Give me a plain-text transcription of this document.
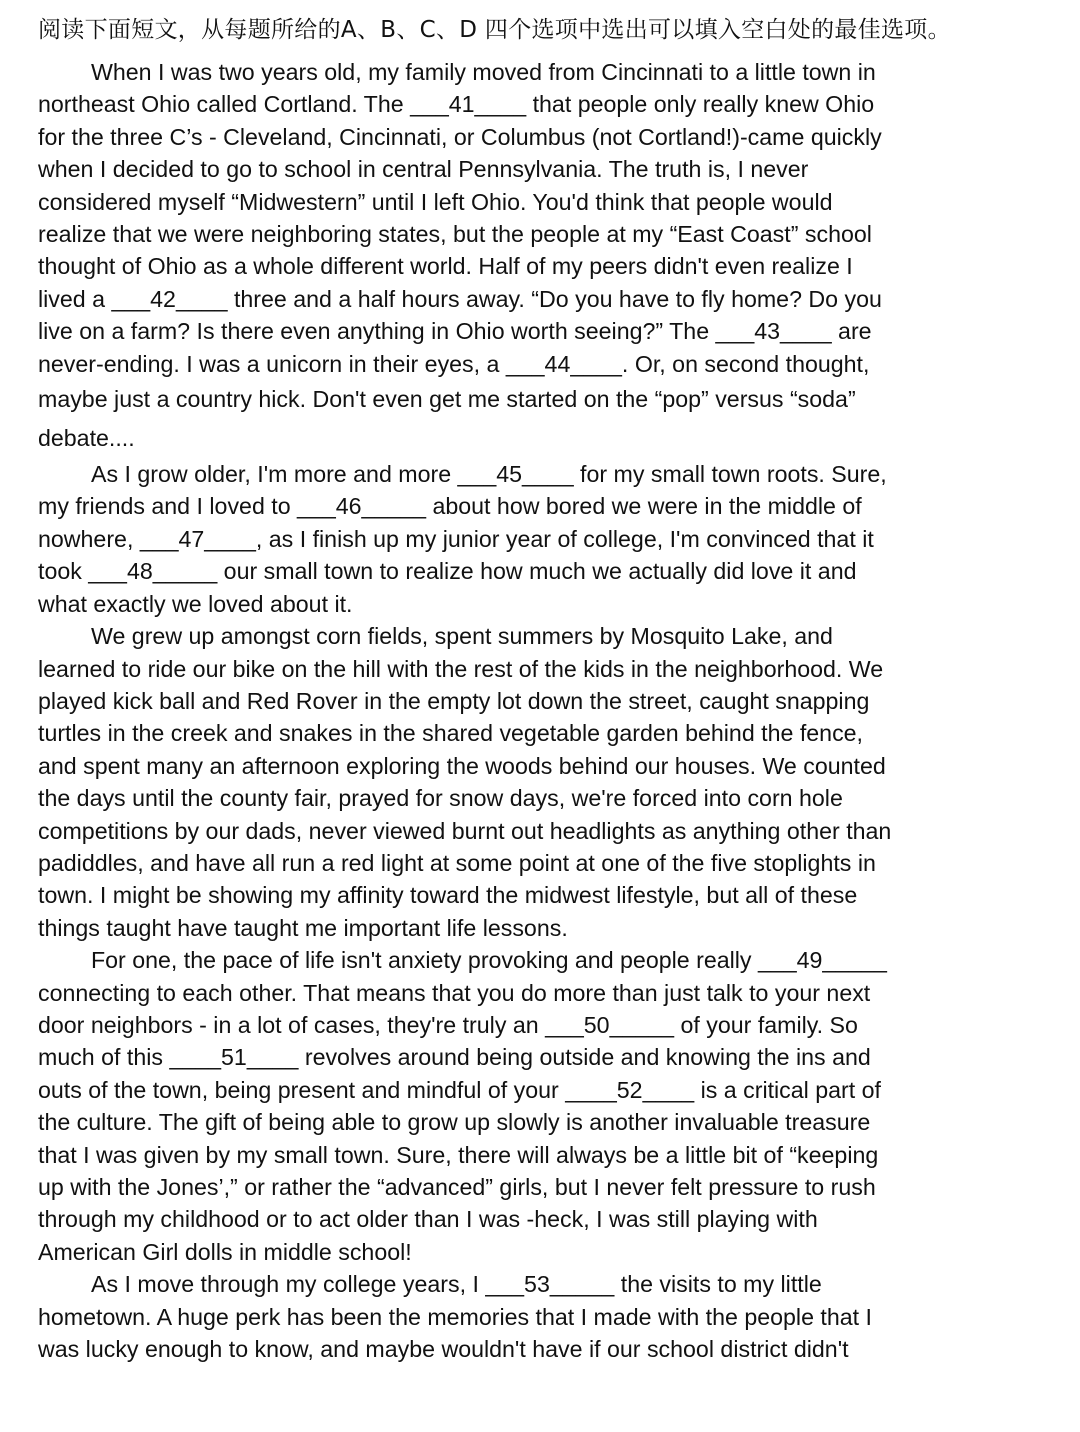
阅读下面短文，从每题所给的A、B、C、D 四个选项中选出可以填入空白处的最佳选项。
When I was two years old, my family moved from Cincinnati to a little town in
northeast Ohio called Cortland. The ___41____ that people only really knew Ohio
for the three C’s - Cleveland, Cincinnati, or Columbus (not Cortland!)-came quickly
when I decided to go to school in central Pennsylvania. The truth is, I never
considered myself “Midwestern” until I left Ohio. You'd think that people would
realize that we were neighboring states, but the people at my “East Coast” school
thought of Ohio as a whole different world. Half of my peers didn't even realize I
lived a ___42____ three and a half hours away. “Do you have to fly home? Do you
live on a farm? Is there even anything in Ohio worth seeing?” The ___43____ are
never-ending. I was a unicorn in their eyes, a ___44____. Or, on second thought,
maybe just a country hick. Don't even get me started on the “pop” versus “soda”
debate....
As I grow older, I'm more and more ___45____ for my small town roots. Sure,
my friends and I loved to ___46_____ about how bored we were in the middle of
nowhere, ___47____, as I finish up my junior year of college, I'm convinced that it
took ___48_____ our small town to realize how much we actually did love it and
what exactly we loved about it.
We grew up amongst corn fields, spent summers by Mosquito Lake, and
learned to ride our bike on the hill with the rest of the kids in the neighborhood. We
played kick ball and Red Rover in the empty lot down the street, caught snapping
turtles in the creek and snakes in the shared vegetable garden behind the fence,
and spent many an afternoon exploring the woods behind our houses. We counted
the days until the county fair, prayed for snow days, we're forced into corn hole
competitions by our dads, never viewed burnt out headlights as anything other than
padiddles, and have all run a red light at some point at one of the five stoplights in
town. I might be showing my affinity toward the midwest lifestyle, but all of these
things taught have taught me important life lessons.
For one, the pace of life isn't anxiety provoking and people really ___49_____
connecting to each other. That means that you do more than just talk to your next
door neighbors - in a lot of cases, they're truly an ___50_____ of your family. So
much of this ____51____ revolves around being outside and knowing the ins and
outs of the town, being present and mindful of your ____52____ is a critical part of
the culture. The gift of being able to grow up slowly is another invaluable treasure
that I was given by my small town. Sure, there will always be a little bit of “keeping
up with the Jones’,” or rather the “advanced” girls, but I never felt pressure to rush
through my childhood or to act older than I was -heck, I was still playing with
American Girl dolls in middle school!
As I move through my college years, I ___53_____ the visits to my little
hometown. A huge perk has been the memories that I made with the people that I
was lucky enough to know, and maybe wouldn't have if our school district didn't
